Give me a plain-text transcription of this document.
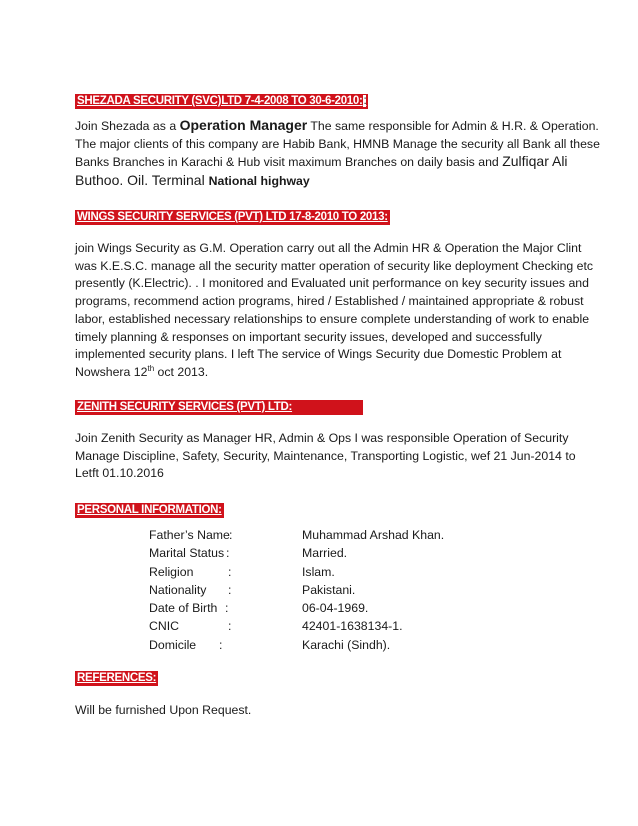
SHEZADA SECURITY (SVC)LTD 7-4-2008 TO 30-6-2010::
Join Shezada as a Operation Manager The same responsible for Admin & H.R. & Operation.
The major clients of this company are Habib Bank, HMNB Manage the security all Bank all these
Banks Branches in Karachi & Hub visit maximum Branches on daily basis and Zulfiqar Ali
Buthoo. Oil. Terminal National highway
WINGS SECURITY SERVICES (PVT) LTD 17-8-2010 TO 2013:
join Wings Security as G.M. Operation carry out all the Admin HR & Operation the Major Clint
was K.E.S.C. manage all the security matter operation of security like deployment Checking etc
presently (K.Electric). . I monitored and Evaluated unit performance on key security issues and
programs, recommend action programs, hired / Established / maintained appropriate & robust
labor, established necessary relationships to ensure complete understanding of work to enable
timely planning & responses on important security issues, developed and successfully
implemented security plans. I left The service of Wings Security due Domestic Problem at
Nowshera 12th oct 2013.
ZENITH SECURITY SERVICES (PVT) LTD:
Join Zenith Security as Manager HR, Admin & Ops I was responsible Operation of Security
Manage Discipline, Safety, Security, Maintenance, Transporting Logistic, wef 21 Jun-2014 to
Letft 01.10.2016
PERSONAL INFORMATION:
Father’s Name :	Muhammad Arshad Khan.
Marital Status :	Married.
Religion	:	Islam.
Nationality :	Pakistani.
Date of Birth :	06-04-1969.
CNIC	:	42401-1638134-1.
Domicile :	Karachi (Sindh).
REFERENCES:
Will be furnished Upon Request.
